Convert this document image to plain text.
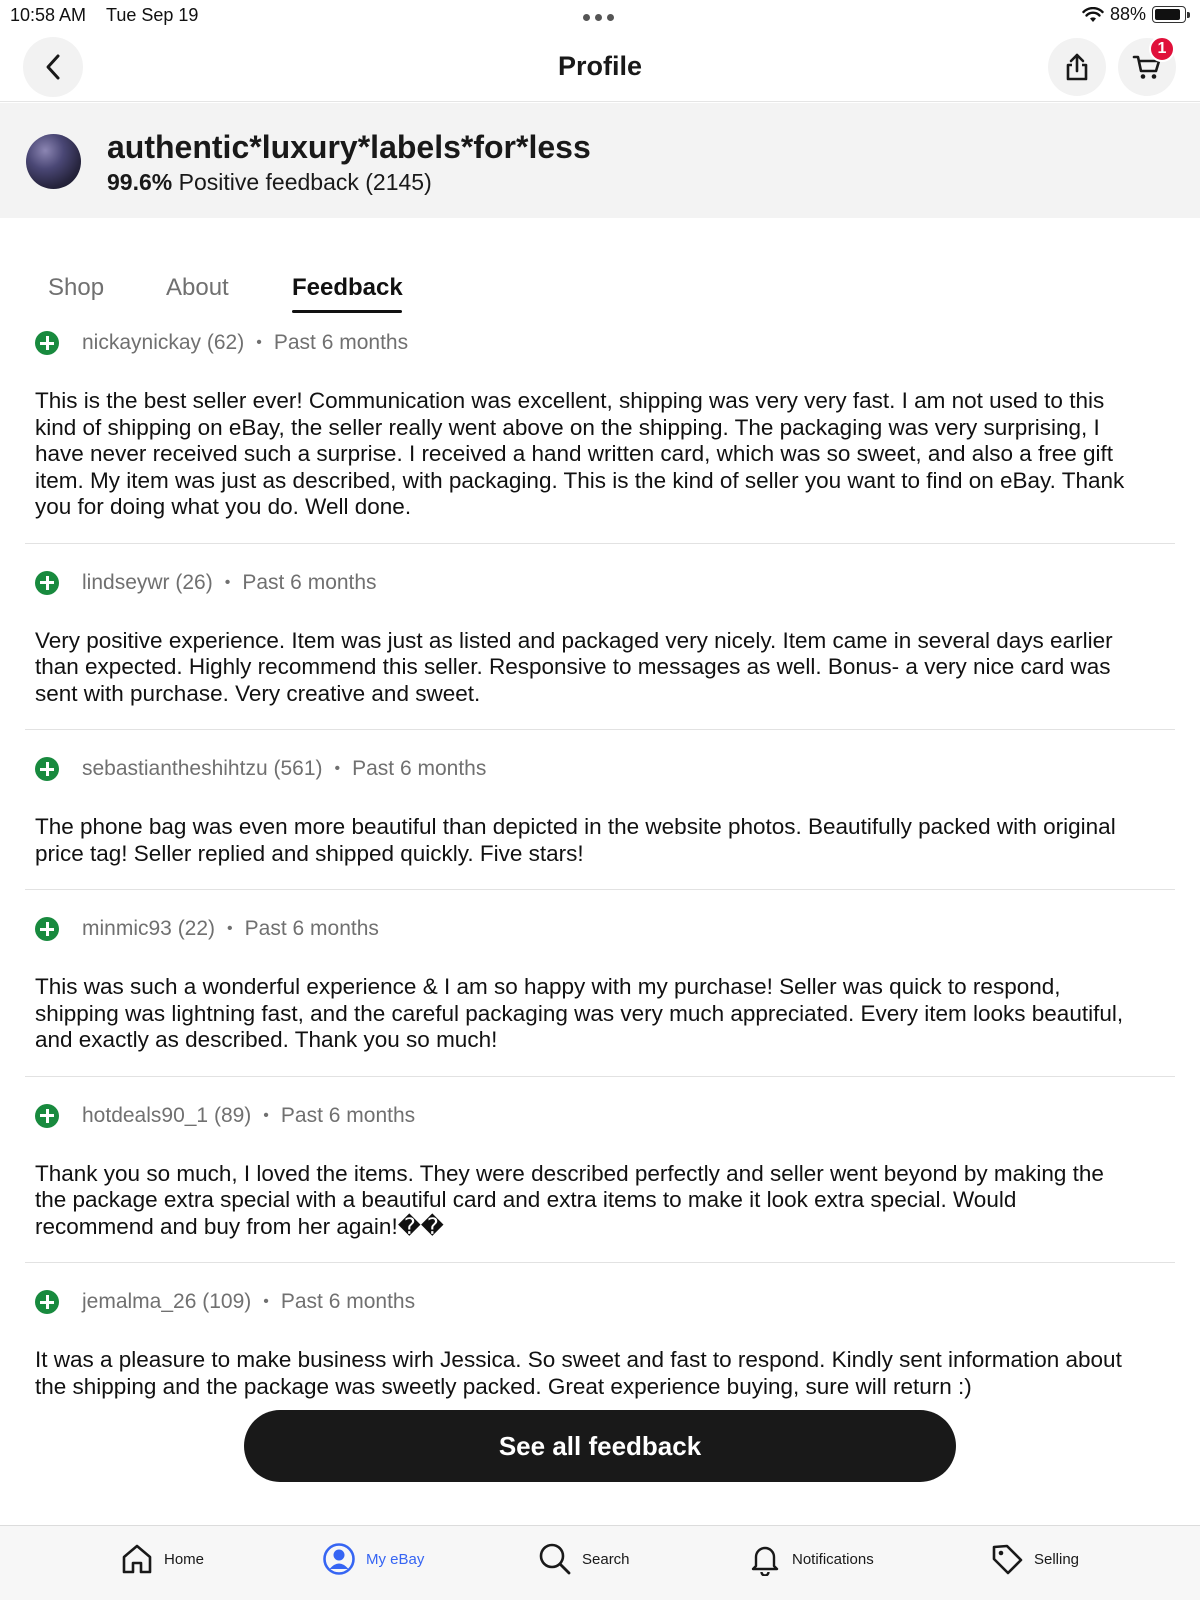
10:58 AM Tue Sep 19	88%
Profile
1
authentic*luxury*labels*for*less
99.6% Positive feedback (2145)
Shop	About	Feedback
nickaynickay (62) • Past 6 months
This is the best seller ever! Communication was excellent, shipping was very very fast. I am not used to this kind of shipping on eBay, the seller really went above on the shipping. The packaging was very surprising, I have never received such a surprise. I received a hand written card, which was so sweet, and also a free gift item. My item was just as described, with packaging. This is the kind of seller you want to find on eBay. Thank you for doing what you do. Well done.
lindseywr (26) • Past 6 months
Very positive experience. Item was just as listed and packaged very nicely. Item came in several days earlier than expected. Highly recommend this seller. Responsive to messages as well. Bonus- a very nice card was sent with purchase. Very creative and sweet.
sebastiantheshihtzu (561) • Past 6 months
The phone bag was even more beautiful than depicted in the website photos. Beautifully packed with original price tag! Seller replied and shipped quickly. Five stars!
minmic93 (22) • Past 6 months
This was such a wonderful experience & I am so happy with my purchase! Seller was quick to respond, shipping was lightning fast, and the careful packaging was very much appreciated. Every item looks beautiful, and exactly as described. Thank you so much!
hotdeals90_1 (89) • Past 6 months
Thank you so much, I loved the items. They were described perfectly and seller went beyond by making the the package extra special with a beautiful card and extra items to make it look extra special. Would recommend and buy from her again!��
jemalma_26 (109) • Past 6 months
It was a pleasure to make business wirh Jessica. So sweet and fast to respond. Kindly sent information about the shipping and the package was sweetly packed. Great experience buying, sure will return :)
See all feedback
Home	My eBay	Search	Notifications	Selling
